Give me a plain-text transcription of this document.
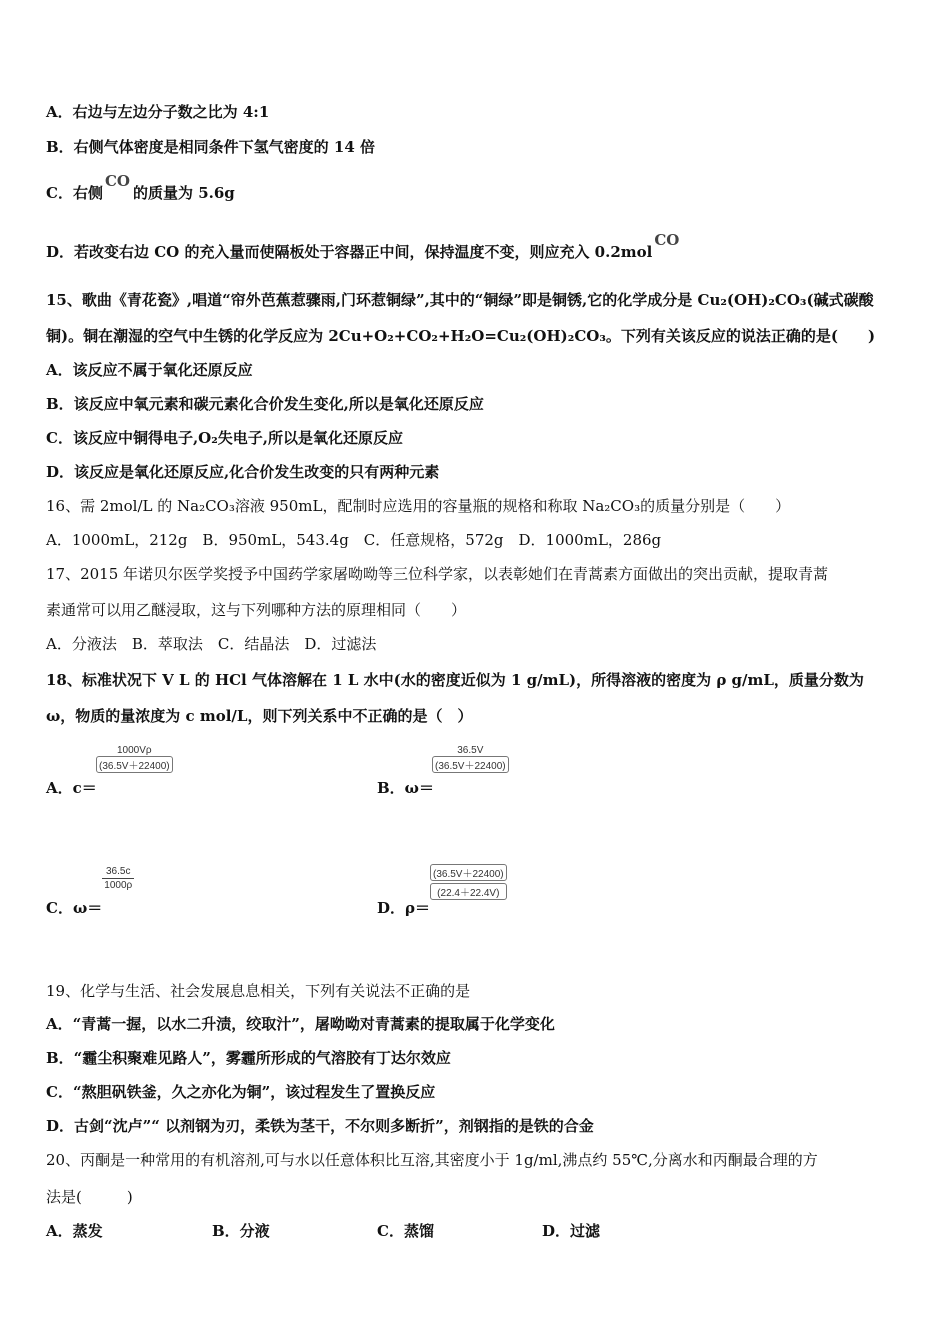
A．右边与左边分子数之比为 4:1
B．右侧气体密度是相同条件下氢气密度的 14 倍
C．右侧CO的质量为 5.6g
D．若改变右边 CO 的充入量而使隔板处于容器正中间，保持温度不变，则应充入 0.2molCO
15、歌曲《青花瓷》,唱道“帘外芭蕉惹骤雨,门环惹铜绿”,其中的“铜绿”即是铜锈,它的化学成分是 Cu₂(OH)₂CO₃(碱式碳酸
铜)。铜在潮湿的空气中生锈的化学反应为 2Cu+O₂+CO₂+H₂O=Cu₂(OH)₂CO₃。下列有关该反应的说法正确的是(　　)
A．该反应不属于氧化还原反应
B．该反应中氧元素和碳元素化合价发生变化,所以是氧化还原反应
C．该反应中铜得电子,O₂失电子,所以是氧化还原反应
D．该反应是氧化还原反应,化合价发生改变的只有两种元素
16、需 2mol/L 的 Na₂CO₃溶液 950mL，配制时应选用的容量瓶的规格和称取 Na₂CO₃的质量分别是（　　）
A．1000mL，212g　B．950mL，543.4g　C．任意规格，572g　D．1000mL，286g
17、2015 年诺贝尔医学奖授予中国药学家屠呦呦等三位科学家，以表彰她们在青蒿素方面做出的突出贡献，提取青蒿
素通常可以用乙醚浸取，这与下列哪种方法的原理相同（　　）
A．分液法　B．萃取法　C．结晶法　D．过滤法
18、标准状况下 V L 的 HCl 气体溶解在 1 L 水中(水的密度近似为 1 g/mL)，所得溶液的密度为 ρ g/mL，质量分数为
ω，物质的量浓度为 c mol/L，则下列关系中不正确的是（　）
A．c＝
$\frac{1000V\rho}{(36.5V+22400)}$
B．ω＝
$\frac{36.5V}{(36.5V+22400)}$
C．ω＝
36.5c
1000ρ
D．ρ＝
$\frac{(36.5V+22400)}{(22.4+22.4V)}$
19、化学与生活、社会发展息息相关，下列有关说法不正确的是
A．“青蒿一握，以水二升渍，绞取汁”，屠呦呦对青蒿素的提取属于化学变化
B．“霾尘积聚难见路人”，雾霾所形成的气溶胶有丁达尔效应
C．“熬胆矾铁釜，久之亦化为铜”，该过程发生了置换反应
D．古剑“沈卢”“ 以剂钢为刃，柔铁为茎干，不尔则多断折”，剂钢指的是铁的合金
20、丙酮是一种常用的有机溶剂,可与水以任意体积比互溶,其密度小于 1g/ml,沸点约 55℃,分离水和丙酮最合理的方
法是(　　　)
A．蒸发	B．分液	C．蒸馏	D．过滤
